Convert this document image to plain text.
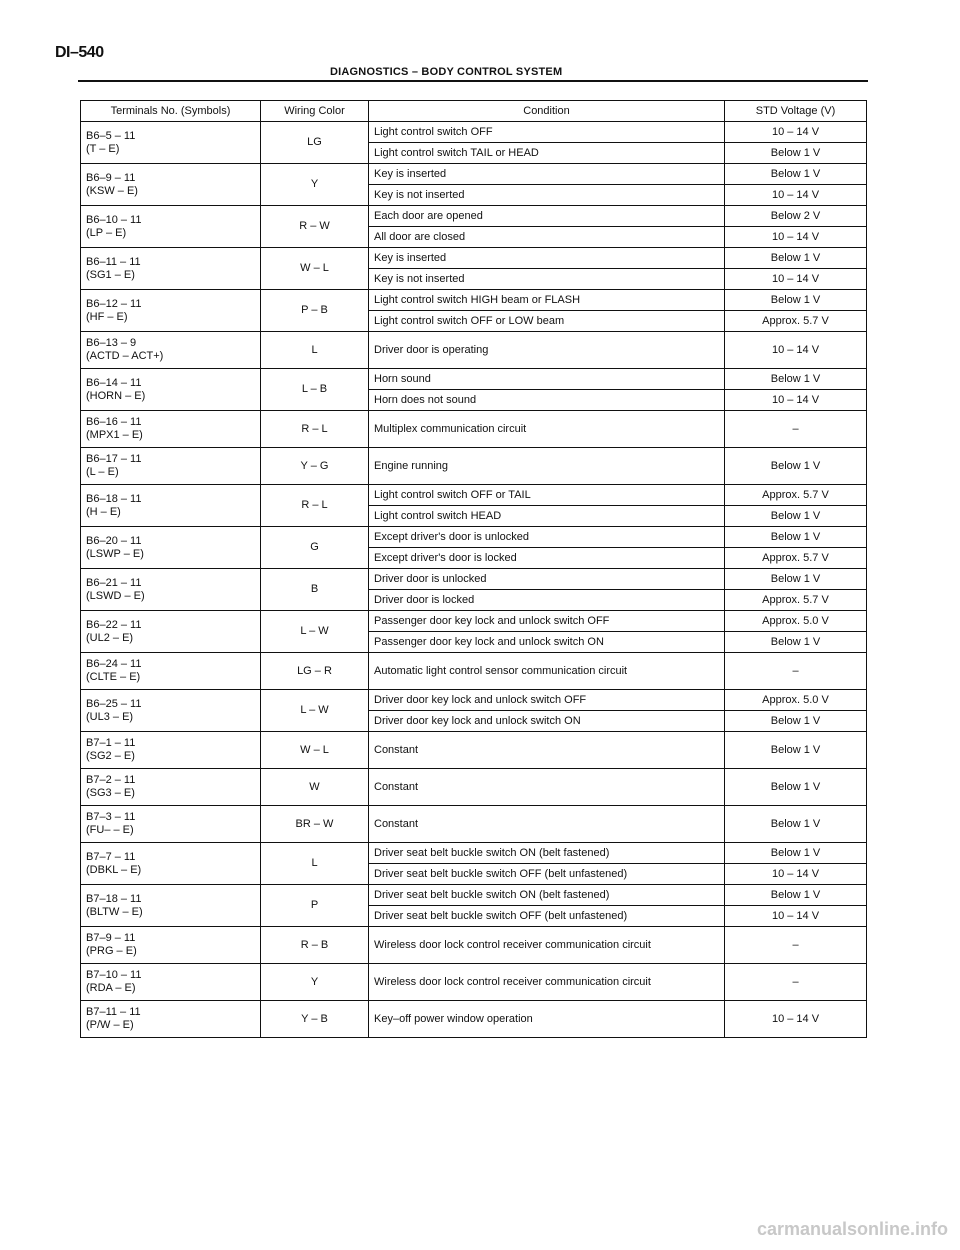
DI–540
DIAGNOSTICS – BODY CONTROL SYSTEM
Terminals No. (Symbols)	Wiring Color	Condition	STD Voltage (V)

B6–5 – 11
(T – E)	LG	Light control switch OFF	10 – 14 V
		Light control switch TAIL or HEAD	Below 1 V

B6–9 – 11
(KSW – E)	Y	Key is inserted	Below 1 V
		Key is not inserted	10 – 14 V

B6–10 – 11
(LP – E)	R – W	Each door are opened	Below 2 V
		All door are closed	10 – 14 V

B6–11 – 11
(SG1 – E)	W – L	Key is inserted	Below 1 V
		Key is not inserted	10 – 14 V

B6–12 – 11
(HF – E)	P – B	Light control switch HIGH beam or FLASH	Below 1 V
		Light control switch OFF or LOW beam	Approx. 5.7 V

B6–13 – 9
(ACTD – ACT+)	L	Driver door is operating	10 – 14 V

B6–14 – 11
(HORN – E)	L – B	Horn sound	Below 1 V
		Horn does not sound	10 – 14 V

B6–16 – 11
(MPX1 – E)	R – L	Multiplex communication circuit	–

B6–17 – 11
(L – E)	Y – G	Engine running	Below 1 V

B6–18 – 11
(H – E)	R – L	Light control switch OFF or TAIL	Approx. 5.7 V
		Light control switch HEAD	Below 1 V

B6–20 – 11
(LSWP – E)	G	Except driver's door is unlocked	Below 1 V
		Except driver's door is locked	Approx. 5.7 V

B6–21 – 11
(LSWD – E)	B	Driver door is unlocked	Below 1 V
		Driver door is locked	Approx. 5.7 V

B6–22 – 11
(UL2 – E)	L – W	Passenger door key lock and unlock switch OFF	Approx. 5.0 V
		Passenger door key lock and unlock switch ON	Below 1 V

B6–24 – 11
(CLTE – E)	LG – R	Automatic light control sensor communication circuit	–

B6–25 – 11
(UL3 – E)	L – W	Driver door key lock and unlock switch OFF	Approx. 5.0 V
		Driver door key lock and unlock switch ON	Below 1 V

B7–1 – 11
(SG2 – E)	W – L	Constant	Below 1 V

B7–2 – 11
(SG3 – E)	W	Constant	Below 1 V

B7–3 – 11
(FU– – E)	BR – W	Constant	Below 1 V

B7–7 – 11
(DBKL – E)	L	Driver seat belt buckle switch ON (belt fastened)	Below 1 V
		Driver seat belt buckle switch OFF (belt unfastened)	10 – 14 V

B7–18 – 11
(BLTW – E)	P	Driver seat belt buckle switch ON (belt fastened)	Below 1 V
		Driver seat belt buckle switch OFF (belt unfastened)	10 – 14 V

B7–9 – 11
(PRG – E)	R – B	Wireless door lock control receiver communication circuit	–

B7–10 – 11
(RDA – E)	Y	Wireless door lock control receiver communication circuit	–

B7–11 – 11
(P/W – E)	Y – B	Key–off power window operation	10 – 14 V
carmanualsonline.info
